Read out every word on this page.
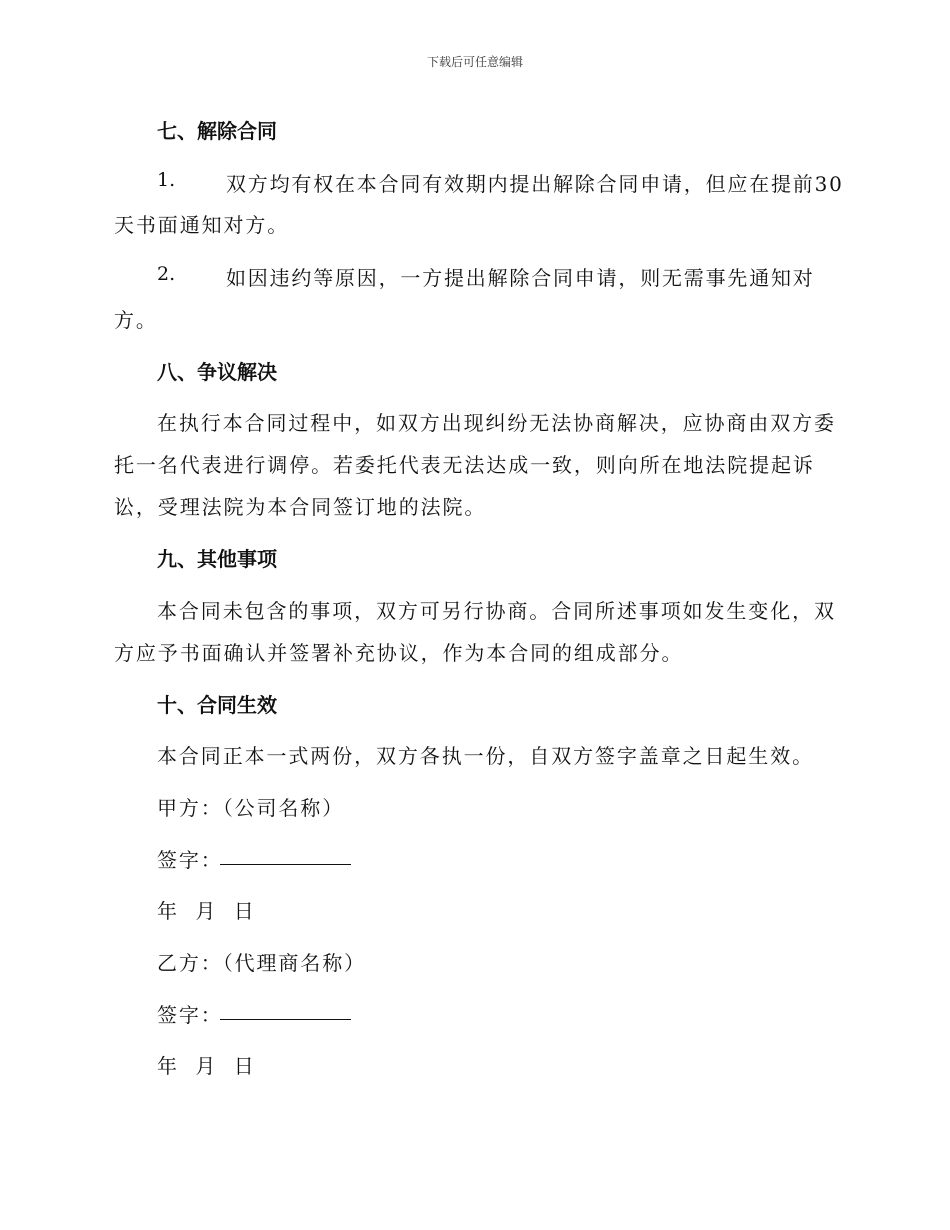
下载后可任意编辑
七、解除合同
1.	双方均有权在本合同有效期内提出解除合同申请，但应在提前30
天书面通知对方。
2.	如因违约等原因，一方提出解除合同申请，则无需事先通知对
方。
八、争议解决
在执行本合同过程中，如双方出现纠纷无法协商解决，应协商由双方委
托一名代表进行调停。若委托代表无法达成一致，则向所在地法院提起诉
讼，受理法院为本合同签订地的法院。
九、其他事项
本合同未包含的事项，双方可另行协商。合同所述事项如发生变化，双
方应予书面确认并签署补充协议，作为本合同的组成部分。
十、合同生效
本合同正本一式两份，双方各执一份，自双方签字盖章之日起生效。
甲方：（公司名称）
签字：
年 月 日
乙方：（代理商名称）
签字：
年 月 日
